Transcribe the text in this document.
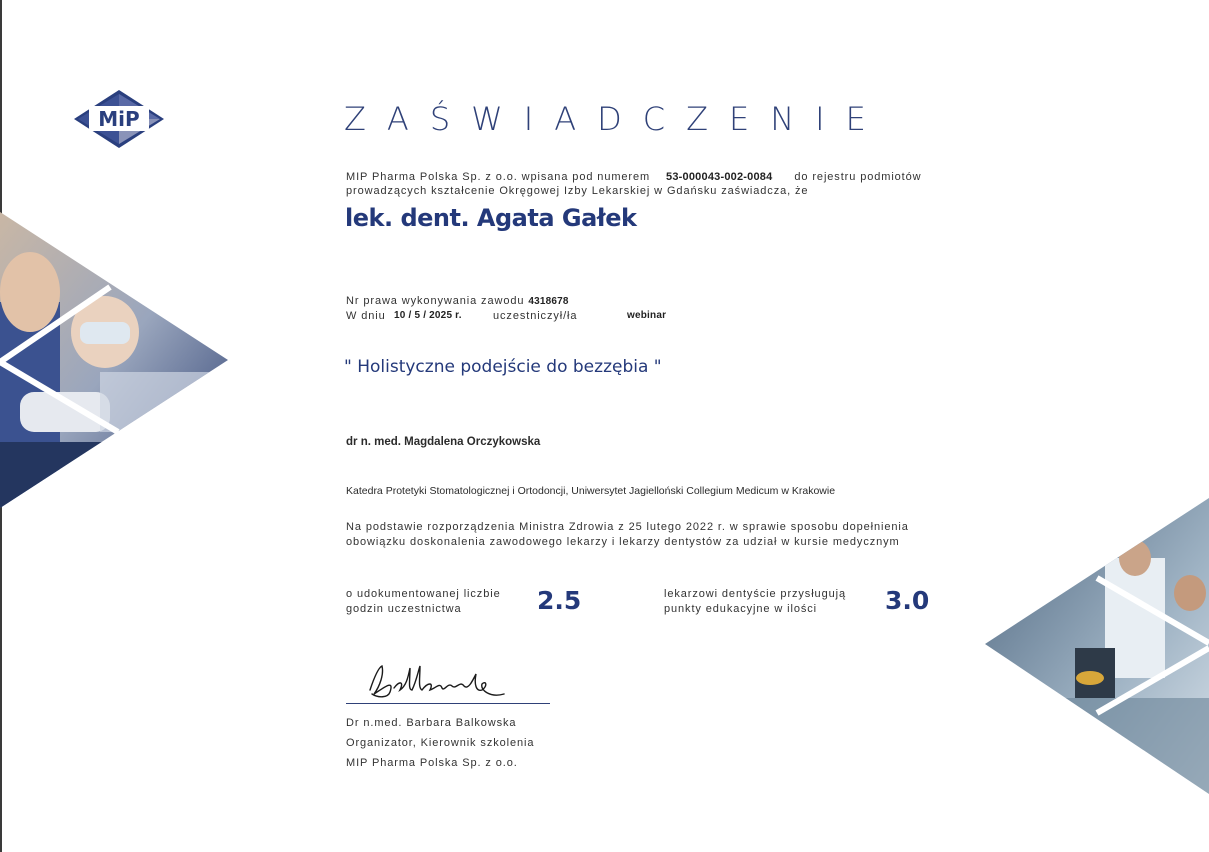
MiP	ZAŚWIADCZENIE
MIP Pharma Polska Sp. z o.o. wpisana pod numerem 53-000043-002-0084 do rejestru podmiotów
prowadzących kształcenie Okręgowej Izby Lekarskiej w Gdańsku zaświadcza, że
lek. dent. Agata Gałek
Nr prawa wykonywania zawodu 4318678
W dniu 10 / 5 / 2025 r.	uczestniczył/ła	webinar
" Holistyczne podejście do bezzębia "
dr n. med. Magdalena Orczykowska
Katedra Protetyki Stomatologicznej i Ortodoncji, Uniwersytet Jagielloński Collegium Medicum w Krakowie
Na podstawie rozporządzenia Ministra Zdrowia z 25 lutego 2022 r. w sprawie sposobu dopełnienia
obowiązku doskonalenia zawodowego lekarzy i lekarzy dentystów za udział w kursie medycznym
o udokumentowanej liczbie
godzin uczestnictwa	2.5	lekarzowi dentyście przysługują
punkty edukacyjne w ilości	3.0
Dr n.med. Barbara Balkowska
Organizator, Kierownik szkolenia
MIP Pharma Polska Sp. z o.o.
